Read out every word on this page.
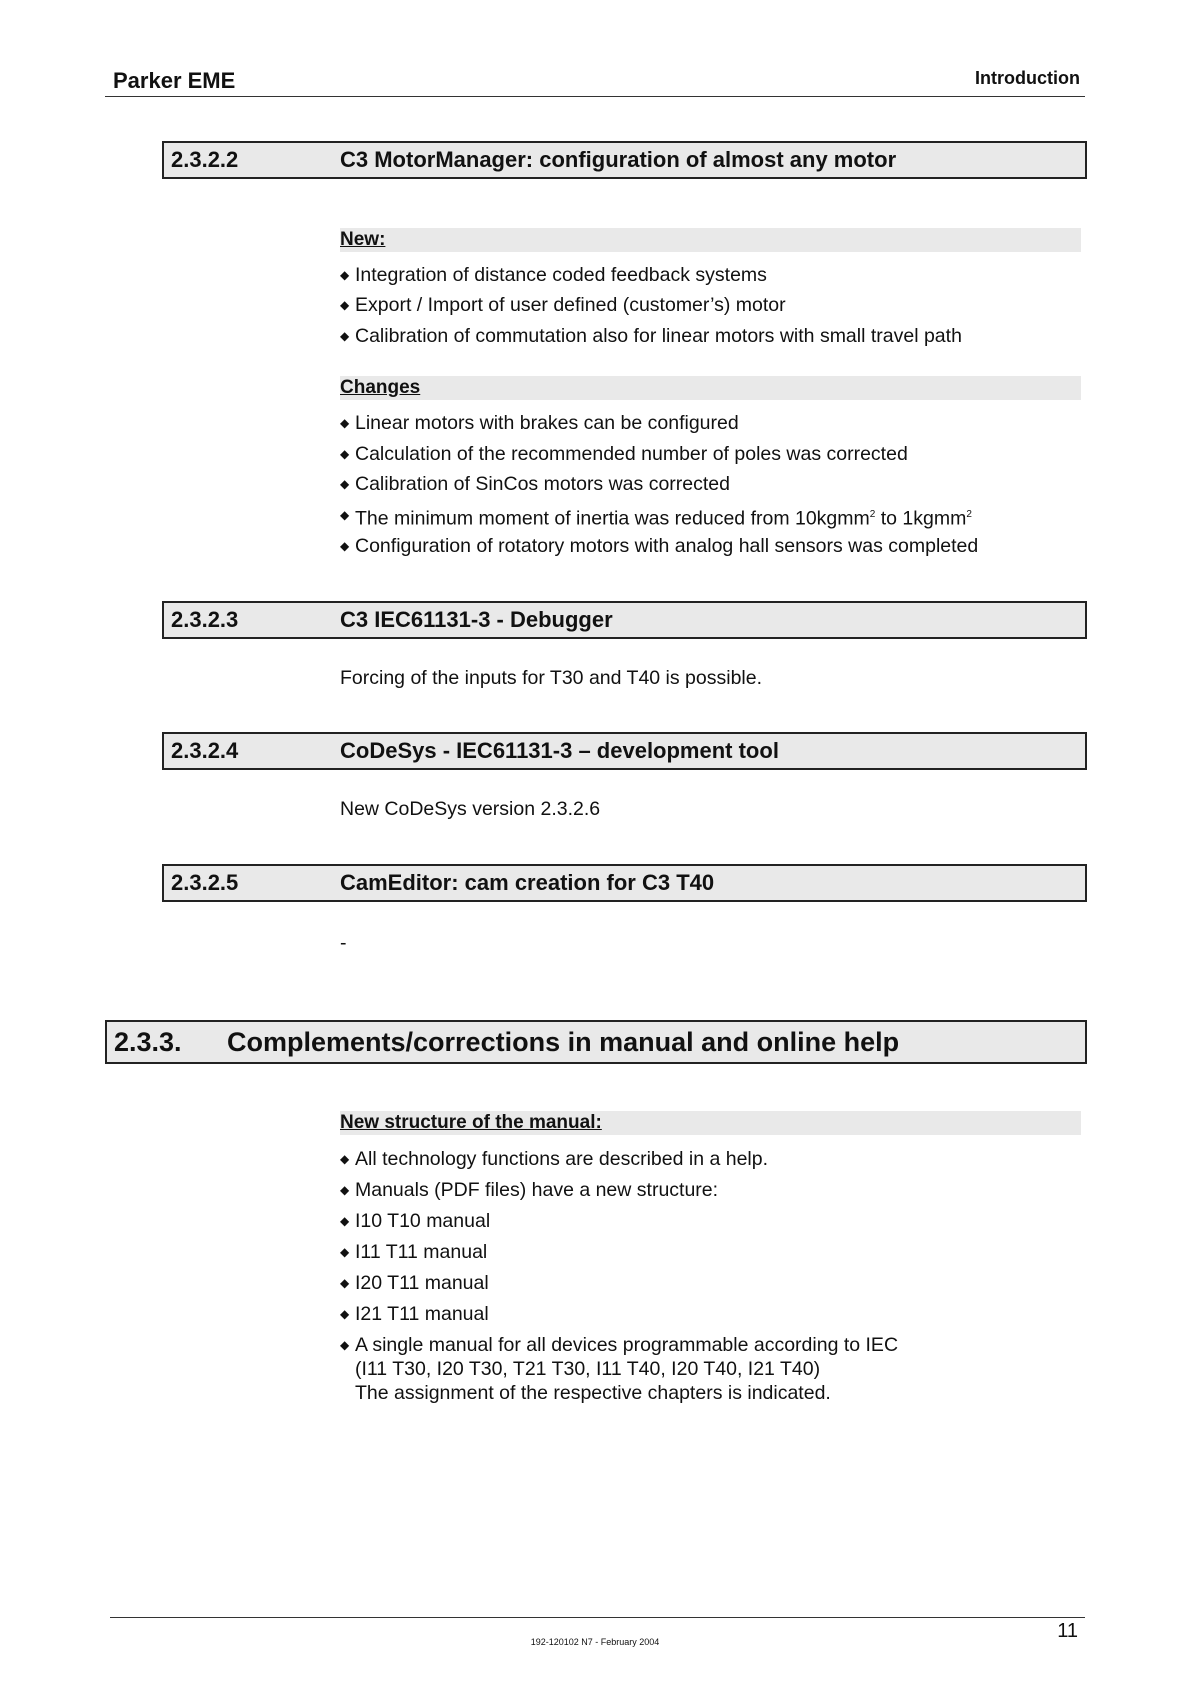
Parker EME	Introduction
2.3.2.2	C3 MotorManager: configuration of almost any motor
New:
◆ Integration of distance coded feedback systems
◆ Export / Import of user defined (customer’s) motor
◆ Calibration of commutation also for linear motors with small travel path
Changes
◆ Linear motors with brakes can be configured
◆ Calculation of the recommended number of poles was corrected
◆ Calibration of SinCos motors was corrected
◆ The minimum moment of inertia was reduced from 10kgmm$^2$ to 1kgmm$^2$
◆ Configuration of rotatory motors with analog hall sensors was completed
2.3.2.3	C3 IEC61131-3 - Debugger
Forcing of the inputs for T30 and T40 is possible.
2.3.2.4	CoDeSys - IEC61131-3 – development tool
New CoDeSys version 2.3.2.6
2.3.2.5	CamEditor: cam creation for C3 T40
-
2.3.3. Complements/corrections in manual and online help
New structure of the manual:
◆ All technology functions are described in a help.
◆ Manuals (PDF files) have a new structure:
◆ I10 T10 manual
◆ I11 T11 manual
◆ I20 T11 manual
◆ I21 T11 manual
◆ A single manual for all devices programmable according to IEC
(I11 T30, I20 T30, T21 T30, I11 T40, I20 T40, I21 T40)
The assignment of the respective chapters is indicated.
192-120102 N7 - February 2004	11
